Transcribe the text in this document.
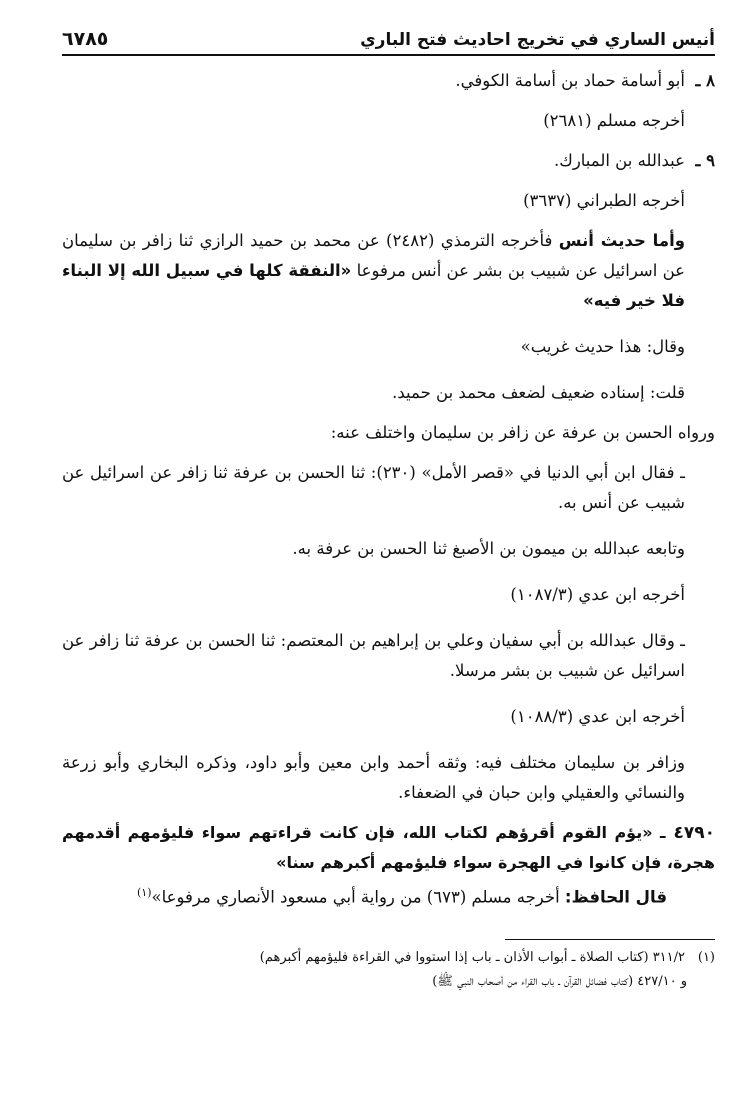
أنيس الساري في تخريج احاديث فتح الباري
٦٧٨٥

٨ ـ
أبو أسامة حماد بن أسامة الكوفي.

أخرجه مسلم (٢٦٨١)

٩ ـ
عبدالله بن المبارك.

أخرجه الطبراني (٣٦٣٧)

وأما حديث أنس فأخرجه الترمذي (٢٤٨٢) عن محمد بن حميد الرازي ثنا زافر بن سليمان عن اسرائيل عن شبيب بن بشر عن أنس مرفوعا «النفقة كلها في سبيل الله إلا البناء فلا خير فيه»

وقال: هذا حديث غريب»

قلت: إسناده ضعيف لضعف محمد بن حميد.

ورواه الحسن بن عرفة عن زافر بن سليمان واختلف عنه:

ـ فقال ابن أبي الدنيا في «قصر الأمل» (٢٣٠): ثنا الحسن بن عرفة ثنا زافر عن اسرائيل عن شبيب عن أنس به.

وتابعه عبدالله بن ميمون بن الأصبغ ثنا الحسن بن عرفة به.

أخرجه ابن عدي (١٠٨٧/٣)

ـ وقال عبدالله بن أبي سفيان وعلي بن إبراهيم بن المعتصم: ثنا الحسن بن عرفة ثنا زافر عن اسرائيل عن شبيب بن بشر مرسلا.

أخرجه ابن عدي (١٠٨٨/٣)

وزافر بن سليمان مختلف فيه: وثقه أحمد وابن معين وأبو داود، وذكره البخاري وأبو زرعة والنسائي والعقيلي وابن حبان في الضعفاء.

٤٧٩٠ـ «يؤم القوم أقرؤهم لكتاب الله، فإن كانت قراءتهم سواء فليؤمهم أقدمهم هجرة، فإن كانوا في الهجرة سواء فليؤمهم أكبرهم سنا»

قال الحافظ: أخرجه مسلم (٦٧٣) من رواية أبي مسعود الأنصاري مرفوعا»$^{(١)}$

(١)٣١١/٢ (كتاب الصلاة ـ أبواب الأذان ـ باب إذا استووا في القراءة فليؤمهم أكبرهم)

و ٤٢٧/١٠ (كتاب فضائل القرآن ـ باب القراء من أصحاب النبي ﷺ)
